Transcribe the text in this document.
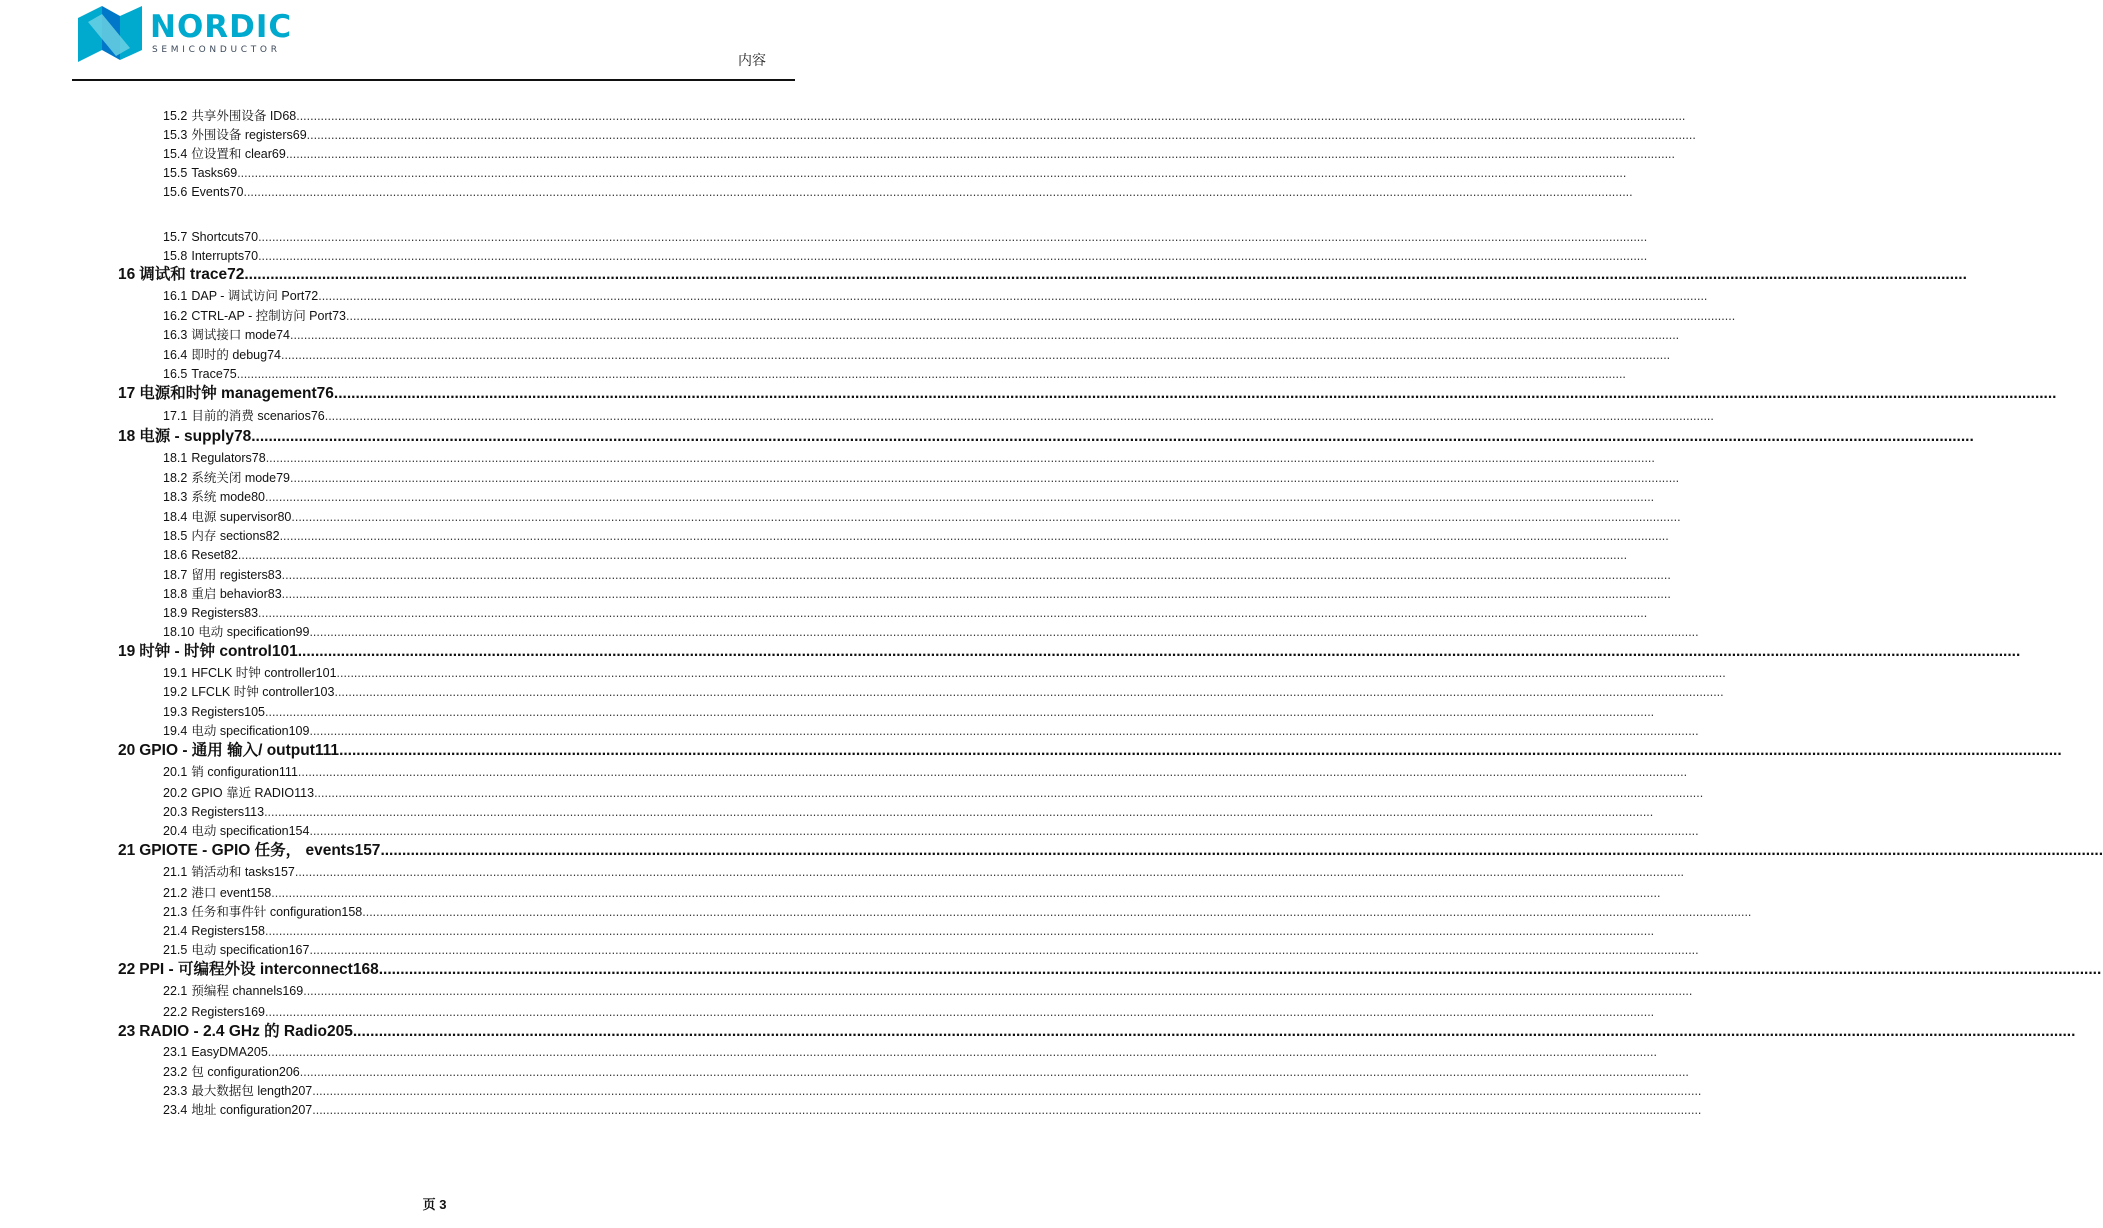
NORDIC
SEMICONDUCTOR
内容
15.2 共享外围设备 ID68 ................................................................................................................................................................................................................................................................................................................................................................................................................
15.3 外围设备 registers69 ................................................................................................................................................................................................................................................................................................................................................................................................................
15.4 位设置和 clear69 ................................................................................................................................................................................................................................................................................................................................................................................................................
15.5 Tasks69 ................................................................................................................................................................................................................................................................................................................................................................................................................
15.6 Events70 ................................................................................................................................................................................................................................................................................................................................................................................................................
15.7 Shortcuts70 ................................................................................................................................................................................................................................................................................................................................................................................................................
15.8 Interrupts70 ................................................................................................................................................................................................................................................................................................................................................................................................................
16 调试和 trace72 ................................................................................................................................................................................................................................................................................................................................................................................................................
16.1 DAP - 调试访问 Port72 ................................................................................................................................................................................................................................................................................................................................................................................................................
16.2 CTRL-AP - 控制访问 Port73 ................................................................................................................................................................................................................................................................................................................................................................................................................
16.3 调试接口 mode74 ................................................................................................................................................................................................................................................................................................................................................................................................................
16.4 即时的 debug74 ................................................................................................................................................................................................................................................................................................................................................................................................................
16.5 Trace75 ................................................................................................................................................................................................................................................................................................................................................................................................................
17 电源和时钟 management76 ................................................................................................................................................................................................................................................................................................................................................................................................................
17.1 目前的消费 scenarios76 ................................................................................................................................................................................................................................................................................................................................................................................................................
18 电源 - supply78 ................................................................................................................................................................................................................................................................................................................................................................................................................
18.1 Regulators78 ................................................................................................................................................................................................................................................................................................................................................................................................................
18.2 系统关闭 mode79 ................................................................................................................................................................................................................................................................................................................................................................................................................
18.3 系统 mode80 ................................................................................................................................................................................................................................................................................................................................................................................................................
18.4 电源 supervisor80 ................................................................................................................................................................................................................................................................................................................................................................................................................
18.5 内存 sections82 ................................................................................................................................................................................................................................................................................................................................................................................................................
18.6 Reset82 ................................................................................................................................................................................................................................................................................................................................................................................................................
18.7 留用 registers83 ................................................................................................................................................................................................................................................................................................................................................................................................................
18.8 重启 behavior83 ................................................................................................................................................................................................................................................................................................................................................................................................................
18.9 Registers83 ................................................................................................................................................................................................................................................................................................................................................................................................................
18.10 电动 specification99 ................................................................................................................................................................................................................................................................................................................................................................................................................
19 时钟 - 时钟 control101 ................................................................................................................................................................................................................................................................................................................................................................................................................
19.1 HFCLK 时钟 controller101 ................................................................................................................................................................................................................................................................................................................................................................................................................
19.2 LFCLK 时钟 controller103 ................................................................................................................................................................................................................................................................................................................................................................................................................
19.3 Registers105 ................................................................................................................................................................................................................................................................................................................................................................................................................
19.4 电动 specification109 ................................................................................................................................................................................................................................................................................................................................................................................................................
20 GPIO - 通用 输入/ output111 ................................................................................................................................................................................................................................................................................................................................................................................................................
20.1 销 configuration111 ................................................................................................................................................................................................................................................................................................................................................................................................................
20.2 GPIO 靠近 RADIO113 ................................................................................................................................................................................................................................................................................................................................................................................................................
20.3 Registers113 ................................................................................................................................................................................................................................................................................................................................................................................................................
20.4 电动 specification154 ................................................................................................................................................................................................................................................................................................................................................................................................................
21 GPIOTE - GPIO 任务， events157 ................................................................................................................................................................................................................................................................................................................................................................................................................
21.1 销活动和 tasks157 ................................................................................................................................................................................................................................................................................................................................................................................................................
21.2 港口 event158 ................................................................................................................................................................................................................................................................................................................................................................................................................
21.3 任务和事件针 configuration158 ................................................................................................................................................................................................................................................................................................................................................................................................................
21.4 Registers158 ................................................................................................................................................................................................................................................................................................................................................................................................................
21.5 电动 specification167 ................................................................................................................................................................................................................................................................................................................................................................................................................
22 PPI - 可编程外设 interconnect168 ................................................................................................................................................................................................................................................................................................................................................................................................................
22.1 预编程 channels169 ................................................................................................................................................................................................................................................................................................................................................................................................................
22.2 Registers169 ................................................................................................................................................................................................................................................................................................................................................................................................................
23 RADIO - 2.4 GHz 的 Radio205 ................................................................................................................................................................................................................................................................................................................................................................................................................
23.1 EasyDMA205 ................................................................................................................................................................................................................................................................................................................................................................................................................
23.2 包 configuration206 ................................................................................................................................................................................................................................................................................................................................................................................................................
23.3 最大数据包 length207 ................................................................................................................................................................................................................................................................................................................................................................................................................
23.4 地址 configuration207 ................................................................................................................................................................................................................................................................................................................................................................................................................
页 3
